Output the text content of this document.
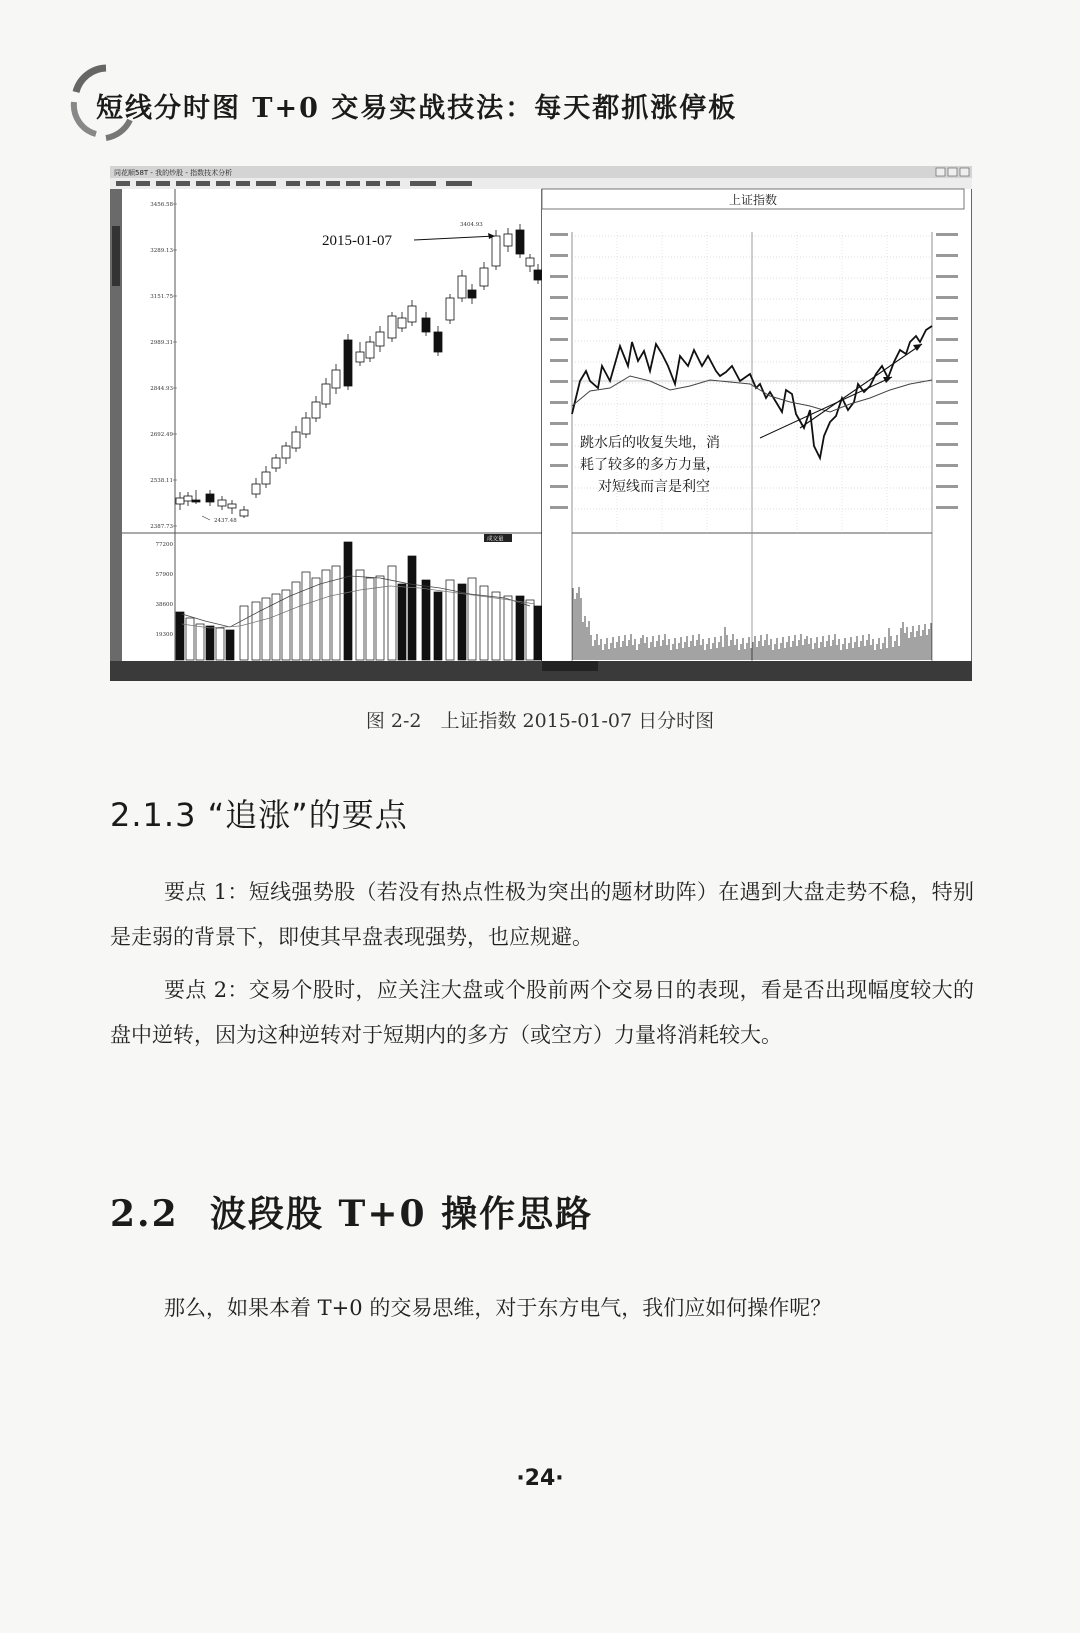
短线分时图 T+0 交易实战技法：每天都抓涨停板
同花顺58T - 我的炒股 - 指数技术分析
3456.58
3289.13
3151.75
2989.31
2844.93
2692.49
2538.11
2387.73
3404.93
2437.48
2015-01-07
成交量
77200
57900
38600
19300
上证指数
跳水后的收复失地，消
耗了较多的多方力量，
对短线而言是利空
图 2-2　上证指数 2015-01-07 日分时图
2.1.3 “追涨”的要点

要点 1：短线强势股（若没有热点性极为突出的题材助阵）在遇到大盘走势不稳，特别是走弱的背景下，即使其早盘表现强势，也应规避。

要点 2：交易个股时，应关注大盘或个股前两个交易日的表现，看是否出现幅度较大的盘中逆转，因为这种逆转对于短期内的多方（或空方）力量将消耗较大。

2.2 波段股 T+0 操作思路

那么，如果本着 T+0 的交易思维，对于东方电气，我们应如何操作呢？

·24·
